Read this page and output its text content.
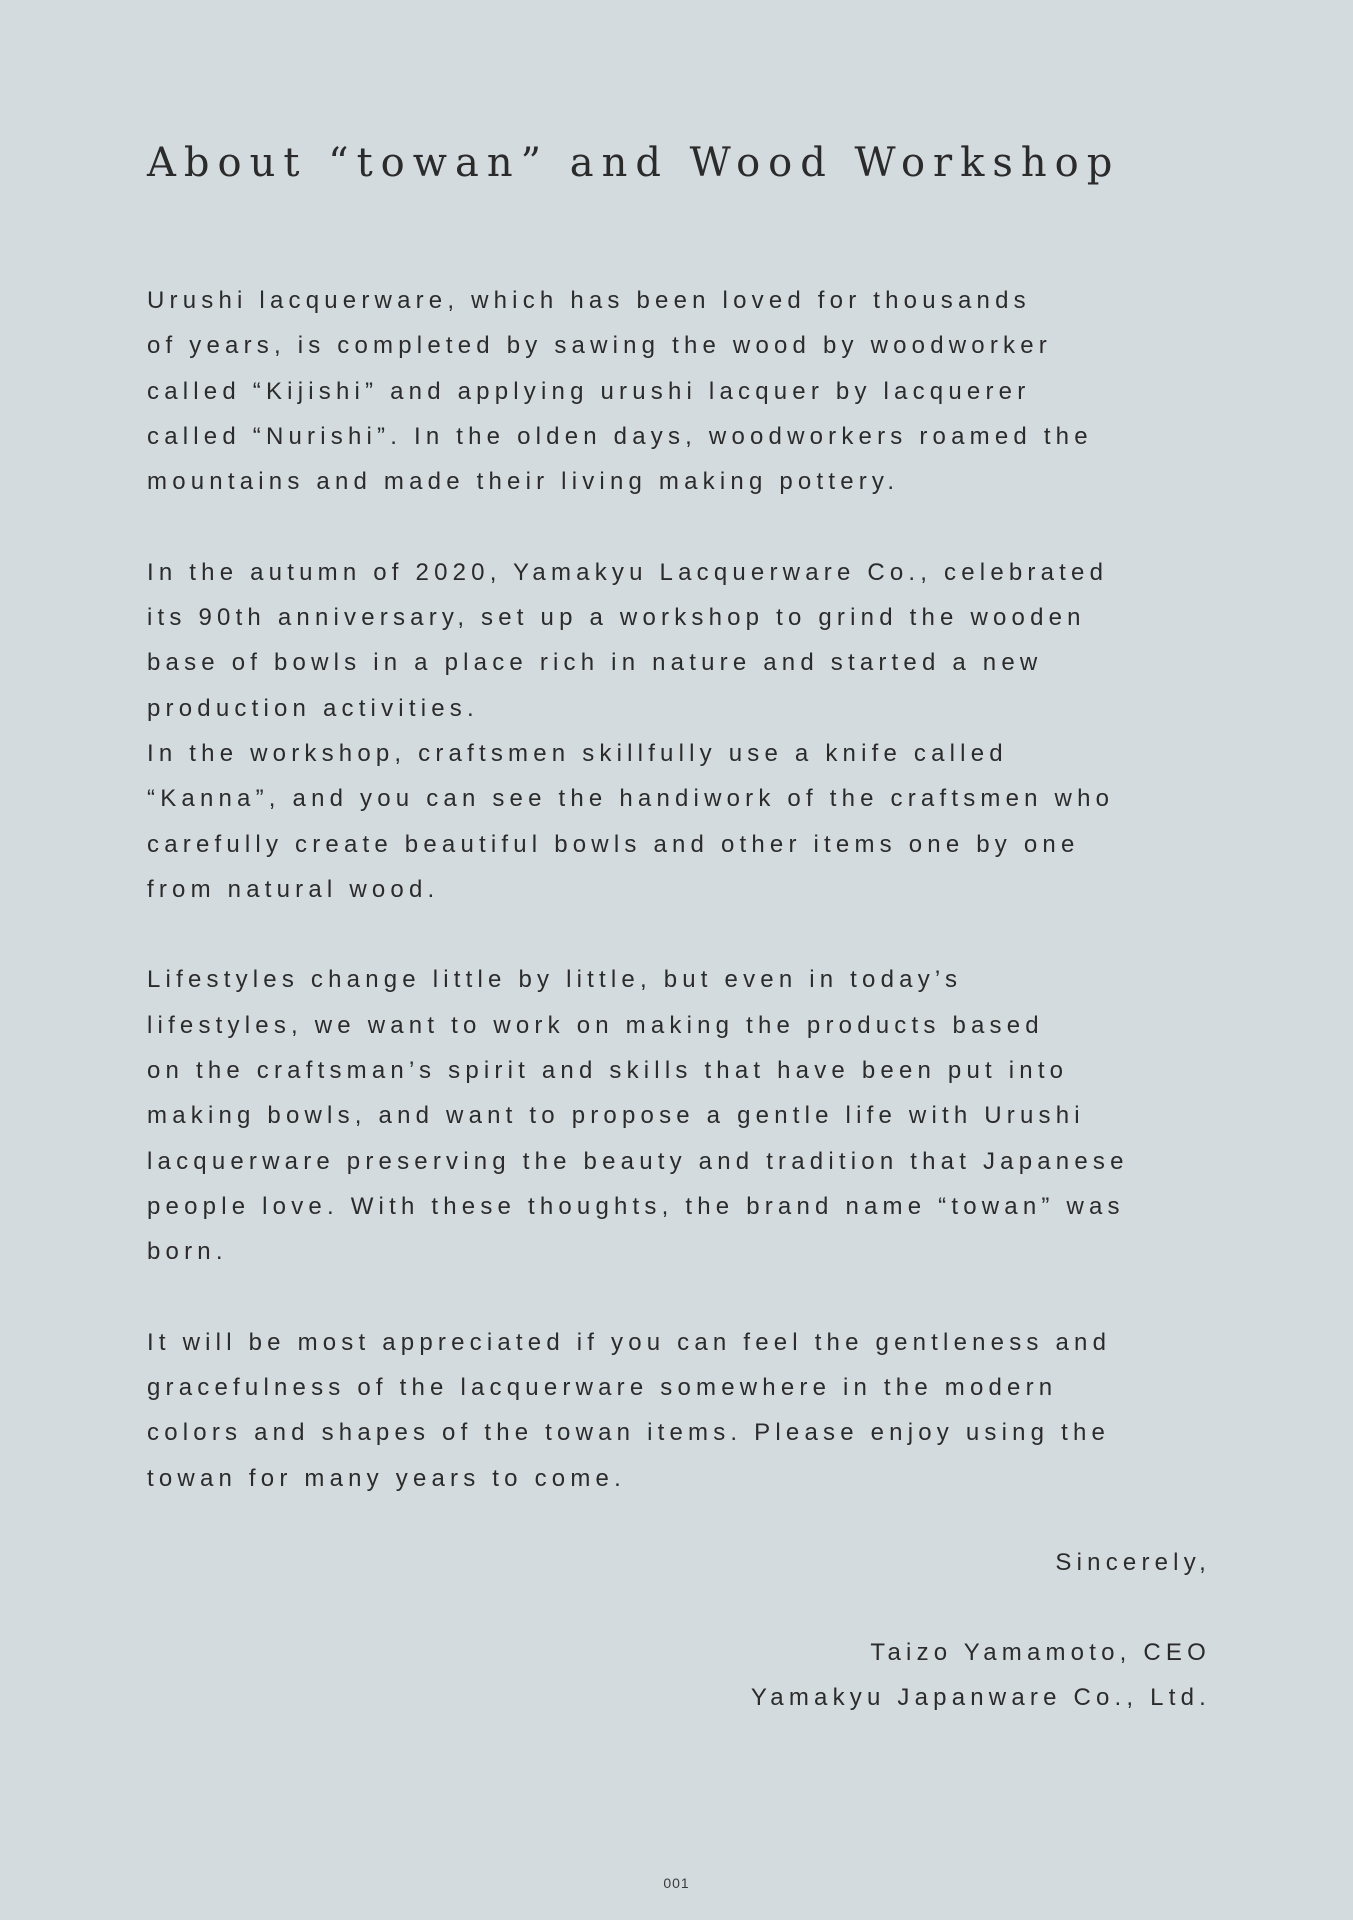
About “towan” and Wood Workshop
Urushi lacquerware, which has been loved for thousands
of years, is completed by sawing the wood by woodworker
called “Kijishi” and applying urushi lacquer by lacquerer
called “Nurishi”. In the olden days, woodworkers roamed the
mountains and made their living making pottery.
In the autumn of 2020, Yamakyu Lacquerware Co., celebrated
its 90th anniversary, set up a workshop to grind the wooden
base of bowls in a place rich in nature and started a new
production activities.
In the workshop, craftsmen skillfully use a knife called
“Kanna”, and you can see the handiwork of the craftsmen who
carefully create beautiful bowls and other items one by one
from natural wood.
Lifestyles change little by little, but even in today’s
lifestyles, we want to work on making the products based
on the craftsman’s spirit and skills that have been put into
making bowls, and want to propose a gentle life with Urushi
lacquerware preserving the beauty and tradition that Japanese
people love. With these thoughts, the brand name “towan” was
born.
It will be most appreciated if you can feel the gentleness and
gracefulness of the lacquerware somewhere in the modern
colors and shapes of the towan items. Please enjoy using the
towan for many years to come.
Sincerely,
Taizo Yamamoto, CEO
Yamakyu Japanware Co., Ltd.
001
